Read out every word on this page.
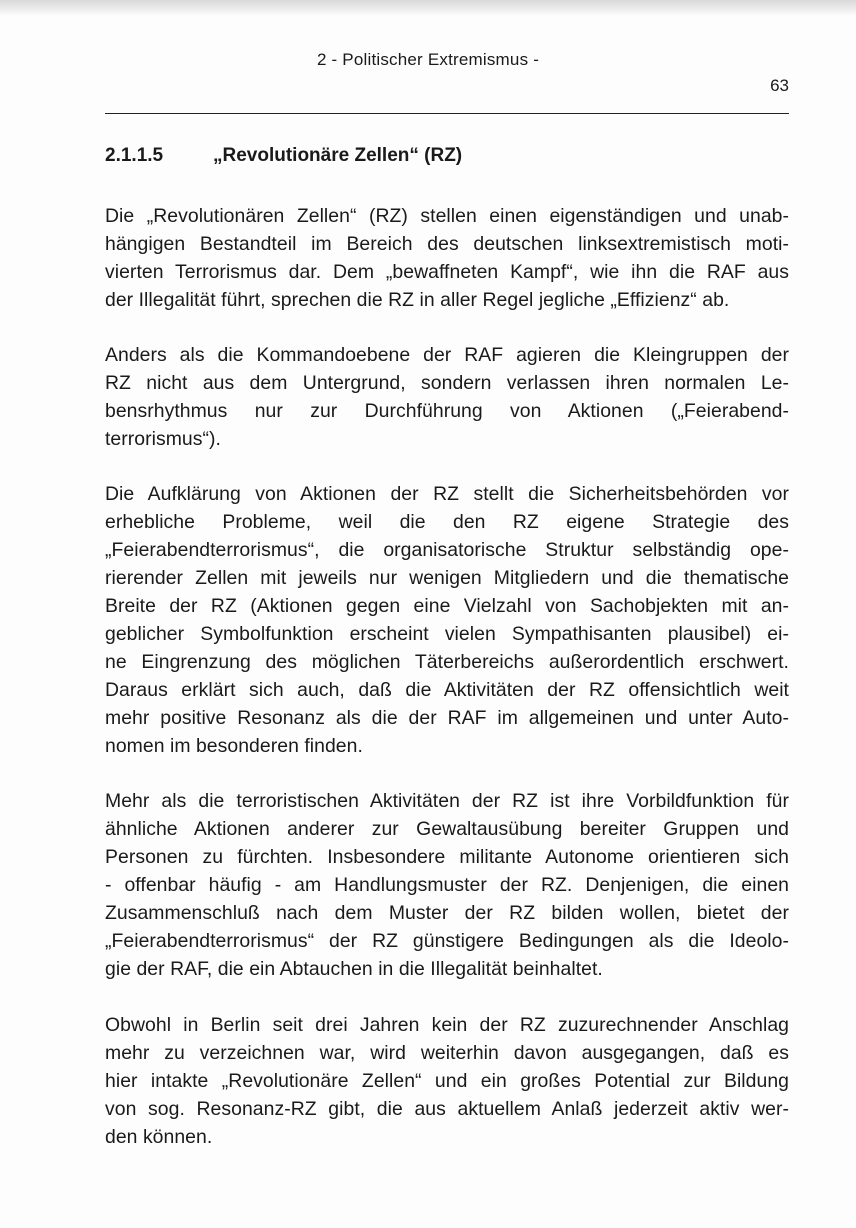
2 - Politischer Extremismus -
63
2.1.1.5	„Revolutionäre Zellen“ (RZ)

Die „Revolutionären Zellen“ (RZ) stellen einen eigenständigen und unab-
hängigen Bestandteil im Bereich des deutschen linksextremistisch moti-
vierten Terrorismus dar. Dem „bewaffneten Kampf“, wie ihn die RAF aus
der Illegalität führt, sprechen die RZ in aller Regel jegliche „Effizienz“ ab.

Anders als die Kommandoebene der RAF agieren die Kleingruppen der
RZ nicht aus dem Untergrund, sondern verlassen ihren normalen Le-
bensrhythmus nur zur Durchführung von Aktionen („Feierabend-
terrorismus“).

Die Aufklärung von Aktionen der RZ stellt die Sicherheitsbehörden vor
erhebliche Probleme, weil die den RZ eigene Strategie des
„Feierabendterrorismus“, die organisatorische Struktur selbständig ope-
rierender Zellen mit jeweils nur wenigen Mitgliedern und die thematische
Breite der RZ (Aktionen gegen eine Vielzahl von Sachobjekten mit an-
geblicher Symbolfunktion erscheint vielen Sympathisanten plausibel) ei-
ne Eingrenzung des möglichen Täterbereichs außerordentlich erschwert.
Daraus erklärt sich auch, daß die Aktivitäten der RZ offensichtlich weit
mehr positive Resonanz als die der RAF im allgemeinen und unter Auto-
nomen im besonderen finden.

Mehr als die terroristischen Aktivitäten der RZ ist ihre Vorbildfunktion für
ähnliche Aktionen anderer zur Gewaltausübung bereiter Gruppen und
Personen zu fürchten. Insbesondere militante Autonome orientieren sich
- offenbar häufig - am Handlungsmuster der RZ. Denjenigen, die einen
Zusammenschluß nach dem Muster der RZ bilden wollen, bietet der
„Feierabendterrorismus“ der RZ günstigere Bedingungen als die Ideolo-
gie der RAF, die ein Abtauchen in die Illegalität beinhaltet.

Obwohl in Berlin seit drei Jahren kein der RZ zuzurechnender Anschlag
mehr zu verzeichnen war, wird weiterhin davon ausgegangen, daß es
hier intakte „Revolutionäre Zellen“ und ein großes Potential zur Bildung
von sog. Resonanz-RZ gibt, die aus aktuellem Anlaß jederzeit aktiv wer-
den können.
